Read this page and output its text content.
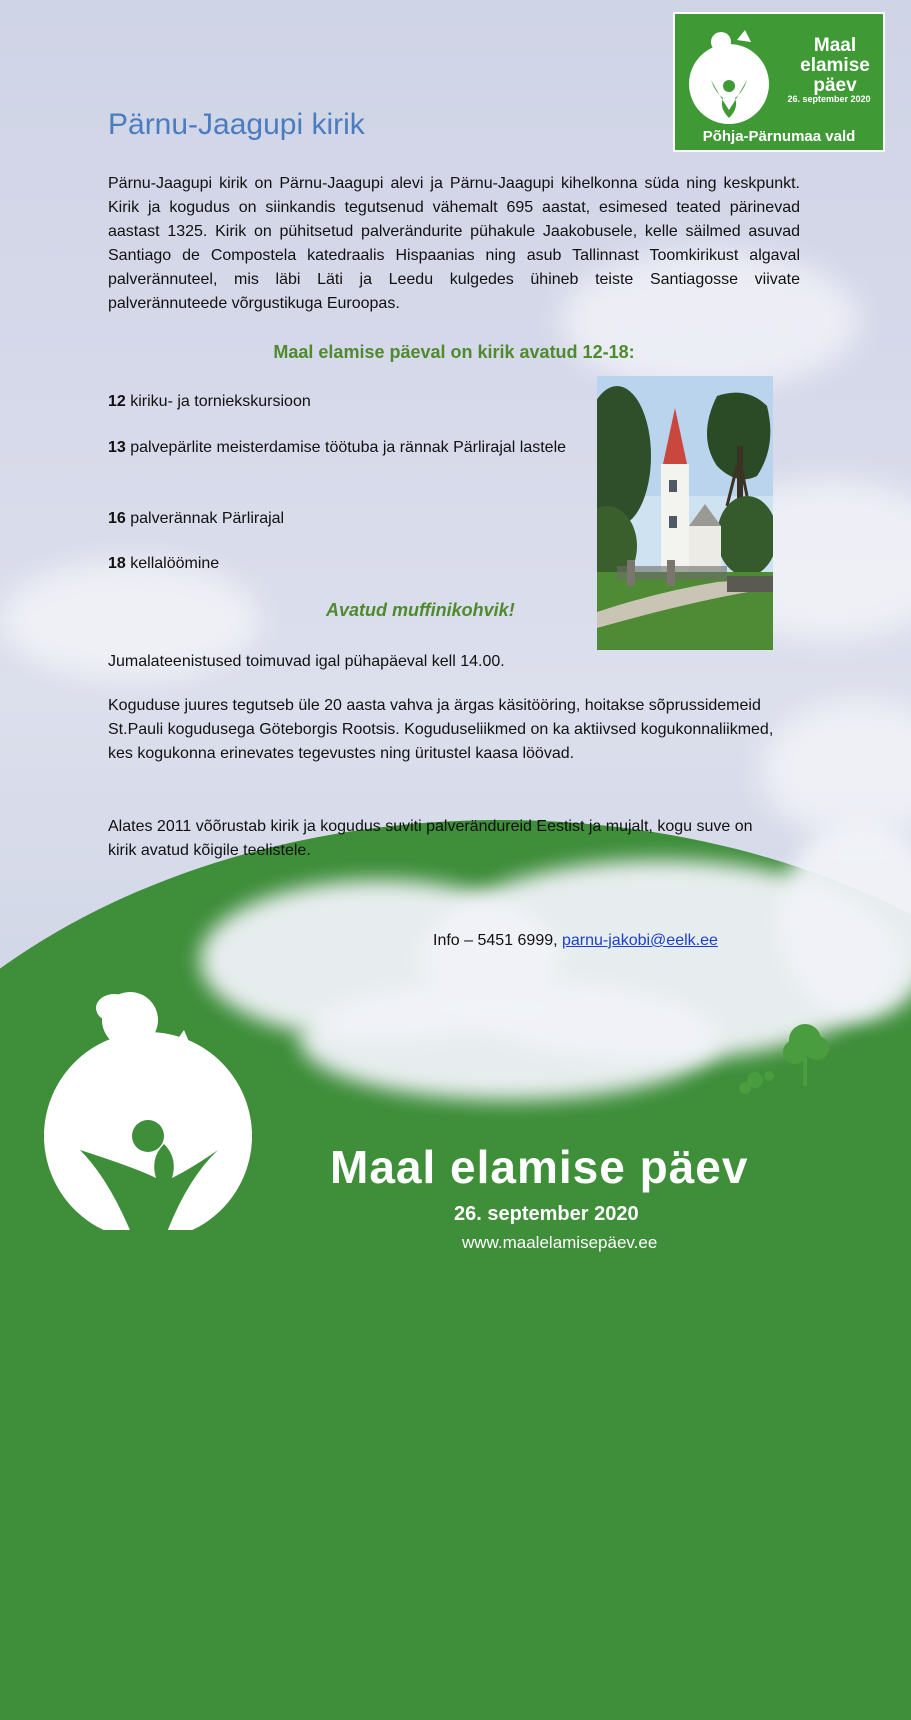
Maal
elamise
päev
26. september 2020
Põhja-Pärnumaa vald
Pärnu-Jaagupi kirik
Pärnu-Jaagupi kirik on Pärnu-Jaagupi alevi ja Pärnu-Jaagupi kihelkonna süda ning keskpunkt. Kirik ja kogudus on siinkandis tegutsenud vähemalt 695 aastat, esimesed teated pärinevad aastast 1325. Kirik on pühitsetud palverändurite pühakule Jaakobusele, kelle säilmed asuvad Santiago de Compostela katedraalis Hispaanias ning asub Tallinnast Toomkirikust algaval palverännuteel, mis läbi Läti ja Leedu kulgedes ühineb teiste Santiagosse viivate palverännuteede võrgustikuga Euroopas.
Maal elamise päeval on kirik avatud 12-18:
12 kiriku- ja torniekskursioon
13 palvepärlite meisterdamise töötuba ja rännak Pärlirajal lastele
16 palverännak Pärlirajal
18 kellalöömine
Avatud muffinikohvik!
Jumalateenistused toimuvad igal pühapäeval kell 14.00.
Koguduse juures tegutseb üle 20 aasta vahva ja ärgas käsitööring, hoitakse sõprussidemeid St.Pauli kogudusega Göteborgis Rootsis. Koguduseliikmed on ka aktiivsed kogukonnaliikmed, kes kogukonna erinevates tegevustes ning üritustel kaasa löövad.
Alates 2011 võõrustab kirik ja kogudus suviti palverändureid Eestist ja mujalt, kogu suve on kirik avatud kõigile teelistele.
Info – 5451 6999, parnu-jakobi@eelk.ee
Maal elamise päev
26. september 2020
www.maalelamisepäev.ee
